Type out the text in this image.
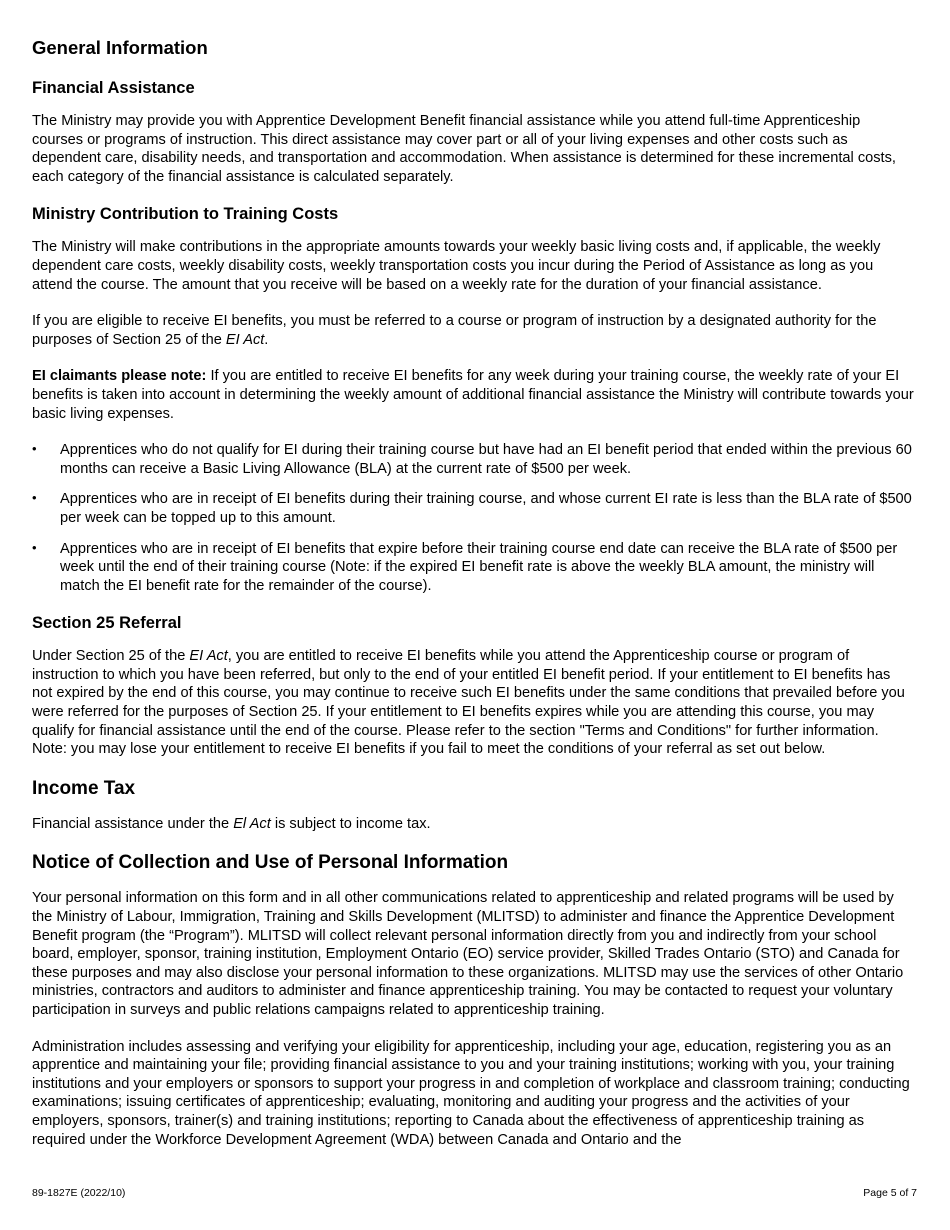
General Information
Financial Assistance

The Ministry may provide you with Apprentice Development Benefit financial assistance while you attend full-time Apprenticeship courses or programs of instruction. This direct assistance may cover part or all of your living expenses and other costs such as dependent care, disability needs, and transportation and accommodation. When assistance is determined for these incremental costs, each category of the financial assistance is calculated separately.

Ministry Contribution to Training Costs

The Ministry will make contributions in the appropriate amounts towards your weekly basic living costs and, if applicable, the weekly dependent care costs, weekly disability costs, weekly transportation costs you incur during the Period of Assistance as long as you attend the course. The amount that you receive will be based on a weekly rate for the duration of your financial assistance.

If you are eligible to receive EI benefits, you must be referred to a course or program of instruction by a designated authority for the purposes of Section 25 of the EI Act.

EI claimants please note: If you are entitled to receive EI benefits for any week during your training course, the weekly rate of your EI benefits is taken into account in determining the weekly amount of additional financial assistance the Ministry will contribute towards your basic living expenses.

• Apprentices who do not qualify for EI during their training course but have had an EI benefit period that ended within the previous 60 months can receive a Basic Living Allowance (BLA) at the current rate of $500 per week.
• Apprentices who are in receipt of EI benefits during their training course, and whose current EI rate is less than the BLA rate of $500 per week can be topped up to this amount.
• Apprentices who are in receipt of EI benefits that expire before their training course end date can receive the BLA rate of $500 per week until the end of their training course (Note: if the expired EI benefit rate is above the weekly BLA amount, the ministry will match the EI benefit rate for the remainder of the course).
Section 25 Referral

Under Section 25 of the EI Act, you are entitled to receive EI benefits while you attend the Apprenticeship course or program of instruction to which you have been referred, but only to the end of your entitled EI benefit period. If your entitlement to EI benefits has not expired by the end of this course, you may continue to receive such EI benefits under the same conditions that prevailed before you were referred for the purposes of Section 25. If your entitlement to EI benefits expires while you are attending this course, you may qualify for financial assistance until the end of the course. Please refer to the section "Terms and Conditions" for further information. Note: you may lose your entitlement to receive EI benefits if you fail to meet the conditions of your referral as set out below.

Income Tax

Financial assistance under the El Act is subject to income tax.

Notice of Collection and Use of Personal Information

Your personal information on this form and in all other communications related to apprenticeship and related programs will be used by the Ministry of Labour, Immigration, Training and Skills Development (MLITSD) to administer and finance the Apprentice Development Benefit program (the “Program”). MLITSD will collect relevant personal information directly from you and indirectly from your school board, employer, sponsor, training institution, Employment Ontario (EO) service provider, Skilled Trades Ontario (STO) and Canada for these purposes and may also disclose your personal information to these organizations. MLITSD may use the services of other Ontario ministries, contractors and auditors to administer and finance apprenticeship training. You may be contacted to request your voluntary participation in surveys and public relations campaigns related to apprenticeship training.

Administration includes assessing and verifying your eligibility for apprenticeship, including your age, education, registering you as an apprentice and maintaining your file; providing financial assistance to you and your training institutions; working with you, your training institutions and your employers or sponsors to support your progress in and completion of workplace and classroom training; conducting examinations; issuing certificates of apprenticeship; evaluating, monitoring and auditing your progress and the activities of your employers, sponsors, trainer(s) and training institutions; reporting to Canada about the effectiveness of apprenticeship training as required under the Workforce Development Agreement (WDA) between Canada and Ontario and the

89-1827E (2022/10)	Page 5 of 7
